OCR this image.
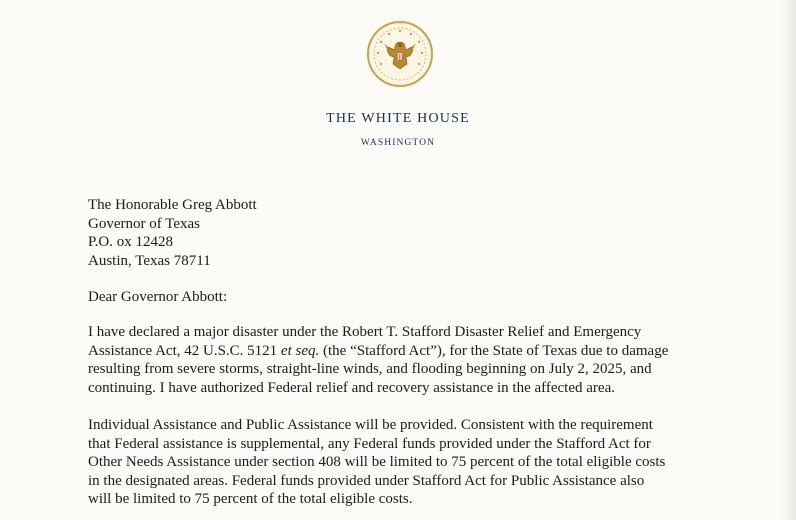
THE WHITE HOUSE
WASHINGTON
The Honorable Greg Abbott
Governor of Texas
P.O. ox 12428
Austin, Texas 78711
Dear Governor Abbott:
I have declared a major disaster under the Robert T. Stafford Disaster Relief and Emergency
Assistance Act, 42 U.S.C. 5121 et seq. (the “Stafford Act”), for the State of Texas due to damage
resulting from severe storms, straight-line winds, and flooding beginning on July 2, 2025, and
continuing. I have authorized Federal relief and recovery assistance in the affected area.
Individual Assistance and Public Assistance will be provided. Consistent with the requirement
that Federal assistance is supplemental, any Federal funds provided under the Stafford Act for
Other Needs Assistance under section 408 will be limited to 75 percent of the total eligible costs
in the designated areas. Federal funds provided under Stafford Act for Public Assistance also
will be limited to 75 percent of the total eligible costs.
